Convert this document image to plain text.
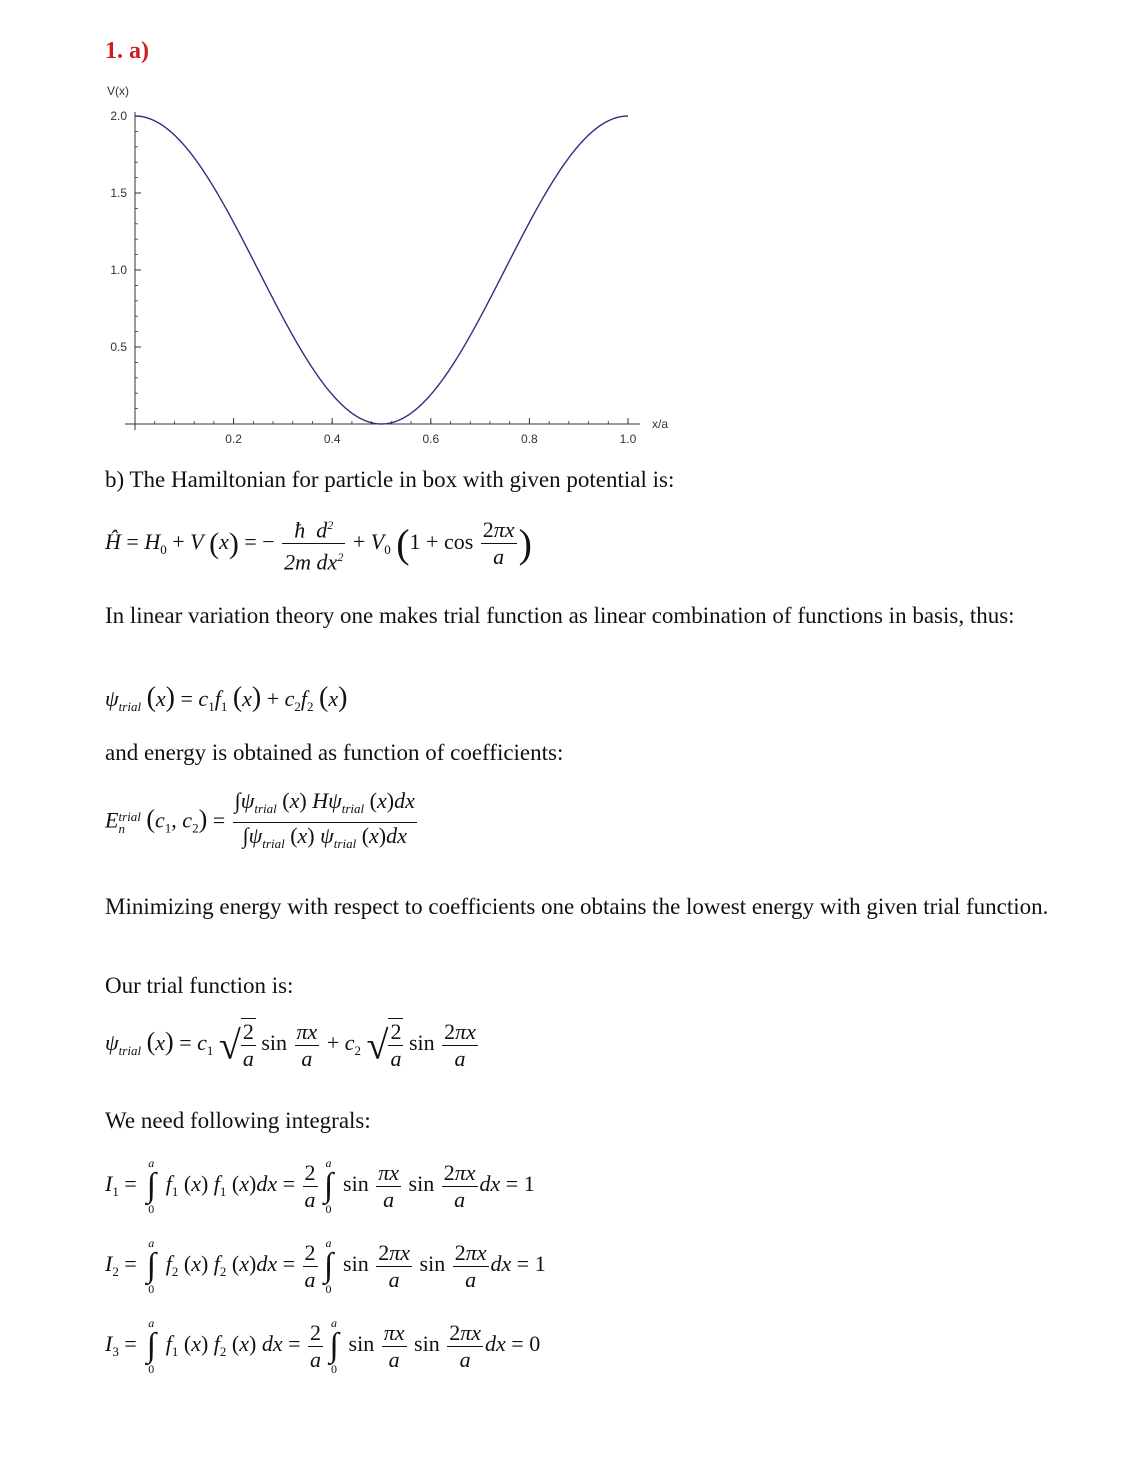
1. a)
0.2	0.4	0.6	0.8	1.0
0.5
1.0
1.5
2.0
V(x)
x/a
b) The Hamiltonian for particle in box with given potential is:
Ĥ = $H_0 + V$ (x) = − $\frac{ħ d^2}{2m dx^2} + V_0$ ($1 + \cos \frac{2\pi x}{a}$ )
In linear variation theory one makes trial function as linear combination of functions in basis, thus:
$\psi_{trial}$ $(x) = c_1f_1$ $(x) + c_2f_2$ (x)
and energy is obtained as function of coefficients:
E trial
n ($c_1$, $c_2) = \frac{\int\psi_{trial} (x) H\psi_{trial} (x)dx}{\int\psi_{trial} (x) \psi_{trial} (x)dx}$
Minimizing energy with respect to coefficients one obtains the lowest energy with given trial function.
Our trial function is:
$\psi_{trial}$ $(x) = c_1$ √ $\frac{2}{a}$ $\sin \frac{\pi x}{a} + c_2$ √ $\frac{2}{a}$ $\sin \frac{2\pi x}{a}$
We need following integrals:
$I_1$ =
a
∫
0
$f_1$ (x) $f_1$ $(x)dx = \frac{2}{a}$ a
∫
0
$\sin \frac{\pi x}{a}$ $\sin \frac{2\pi x}{a}$ dx = 1
$I_2$ =
a
∫
0
$f_2$ (x) $f_2$ $(x)dx = \frac{2}{a}$ a
∫
0
$\sin \frac{2\pi x}{a}$ $\sin \frac{2\pi x}{a}$ dx = 1
$I_3$ =
a
∫
0
$f_1$ (x) $f_2$ (x) dx = $\frac{2}{a}$ a
∫
0
$\sin \frac{\pi x}{a}$ $\sin \frac{2\pi x}{a}$ dx = 0
